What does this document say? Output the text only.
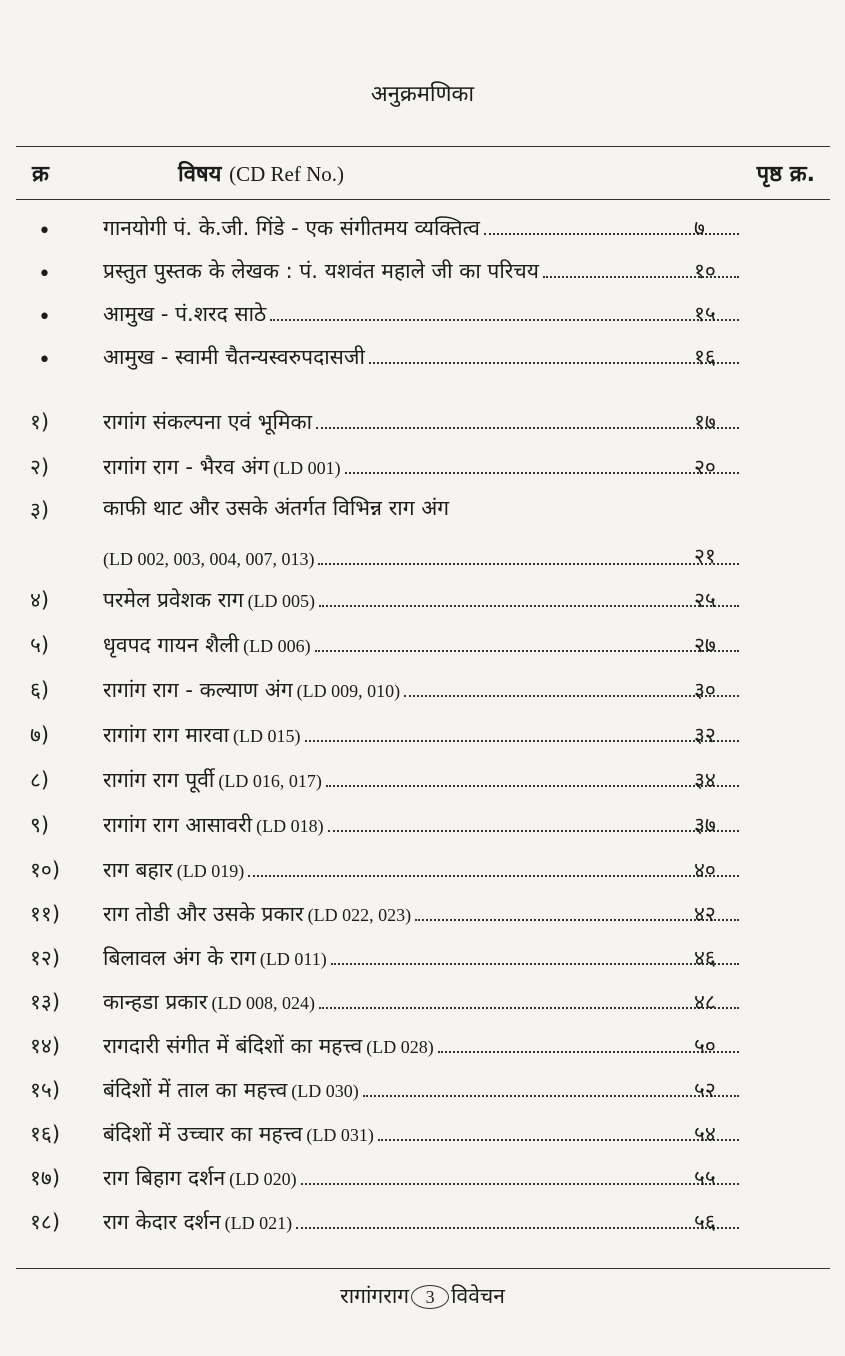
अनुक्रमणिका
क्र	विषय (CD Ref No.)	पृष्ठ क्र.
• गानयोगी पं. के.जी. गिंडे - एक संगीतमय व्यक्तित्व	७
• प्रस्तुत पुस्तक के लेखक : पं. यशवंत महाले जी का परिचय	१०
• आमुख - पं.शरद साठे	१५
• आमुख - स्वामी चैतन्यस्वरुपदासजी	१६
१)	रागांग संकल्पना एवं भूमिका	१७
२)	रागांग राग - भैरव अंग (LD 001)	२०
३)	काफी थाट और उसके अंतर्गत विभिन्न राग अंग
(LD 002, 003, 004, 007, 013)	२१
४)	परमेल प्रवेशक राग (LD 005)	२५
५)	धृवपद गायन शैली (LD 006)	२७
६)	रागांग राग - कल्याण अंग (LD 009, 010)	३०
७)	रागांग राग मारवा (LD 015)	३२
८)	रागांग राग पूर्वी (LD 016, 017)	३४
९)	रागांग राग आसावरी (LD 018)	३७
१०)	राग बहार (LD 019)	४०
११)	राग तोडी और उसके प्रकार (LD 022, 023)	४२
१२)	बिलावल अंग के राग (LD 011)	४६
१३)	कान्हडा प्रकार (LD 008, 024)	४८
१४)	रागदारी संगीत में बंदिशों का महत्त्व (LD 028)	५०
१५)	बंदिशों में ताल का महत्त्व (LD 030)	५२
१६)	बंदिशों में उच्चार का महत्त्व (LD 031)	५४
१७)	राग बिहाग दर्शन (LD 020)	५५
१८)	राग केदार दर्शन (LD 021)	५६
रागांगराग 3 विवेचन
